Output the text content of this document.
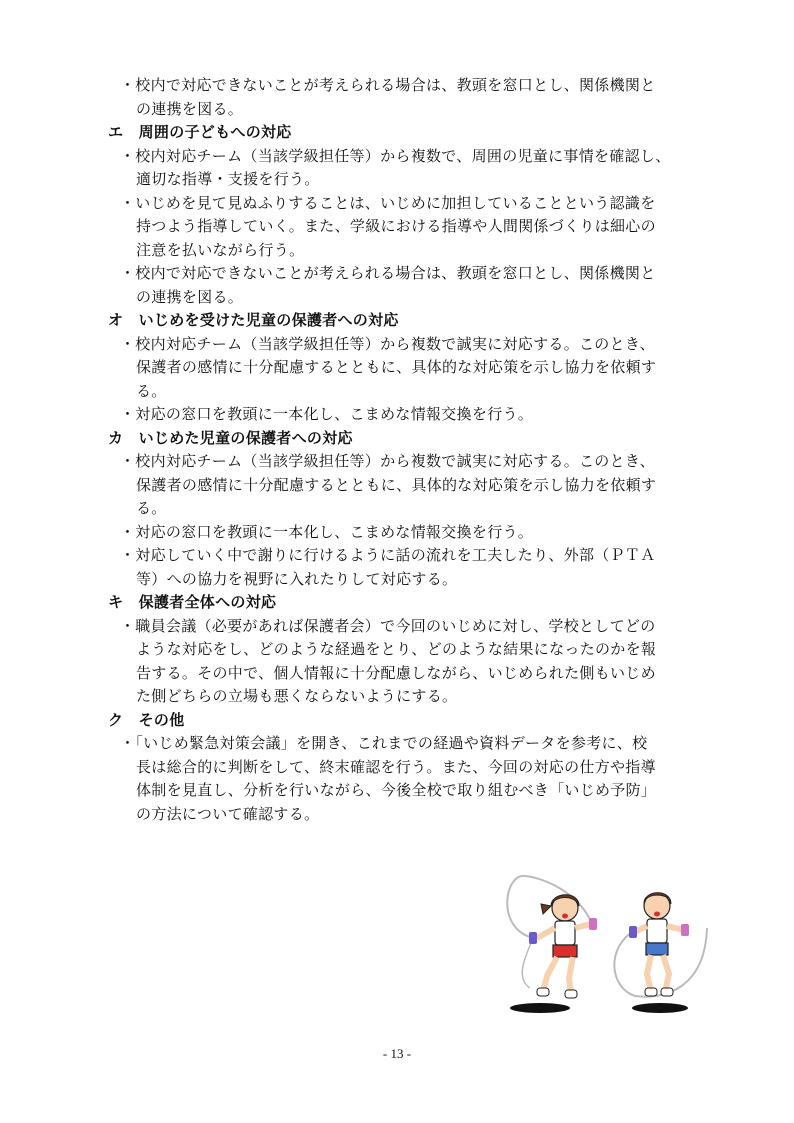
・校内で対応できないことが考えられる場合は、教頭を窓口とし、関係機関と
の連携を図る。
エ　周囲の子どもへの対応
・校内対応チーム（当該学級担任等）から複数で、周囲の児童に事情を確認し、
適切な指導・支援を行う。
・いじめを見て見ぬふりすることは、いじめに加担していることという認識を
持つよう指導していく。また、学級における指導や人間関係づくりは細心の
注意を払いながら行う。
・校内で対応できないことが考えられる場合は、教頭を窓口とし、関係機関と
の連携を図る。
オ　いじめを受けた児童の保護者への対応
・校内対応チーム（当該学級担任等）から複数で誠実に対応する。このとき、
保護者の感情に十分配慮するとともに、具体的な対応策を示し協力を依頼す
る。
・対応の窓口を教頭に一本化し、こまめな情報交換を行う。
カ　いじめた児童の保護者への対応
・校内対応チーム（当該学級担任等）から複数で誠実に対応する。このとき、
保護者の感情に十分配慮するとともに、具体的な対応策を示し協力を依頼す
る。
・対応の窓口を教頭に一本化し、こまめな情報交換を行う。
・対応していく中で謝りに行けるように話の流れを工夫したり、外部（ＰＴＡ
等）への協力を視野に入れたりして対応する。
キ　保護者全体への対応
・職員会議（必要があれば保護者会）で今回のいじめに対し、学校としてどの
ような対応をし、どのような経過をとり、どのような結果になったのかを報
告する。その中で、個人情報に十分配慮しながら、いじめられた側もいじめ
た側どちらの立場も悪くならないようにする。
ク　その他
・「いじめ緊急対策会議」を開き、これまでの経過や資料データを参考に、校
長は総合的に判断をして、終末確認を行う。また、今回の対応の仕方や指導
体制を見直し、分析を行いながら、今後全校で取り組むべき「いじめ予防」
の方法について確認する。
- 13 -
